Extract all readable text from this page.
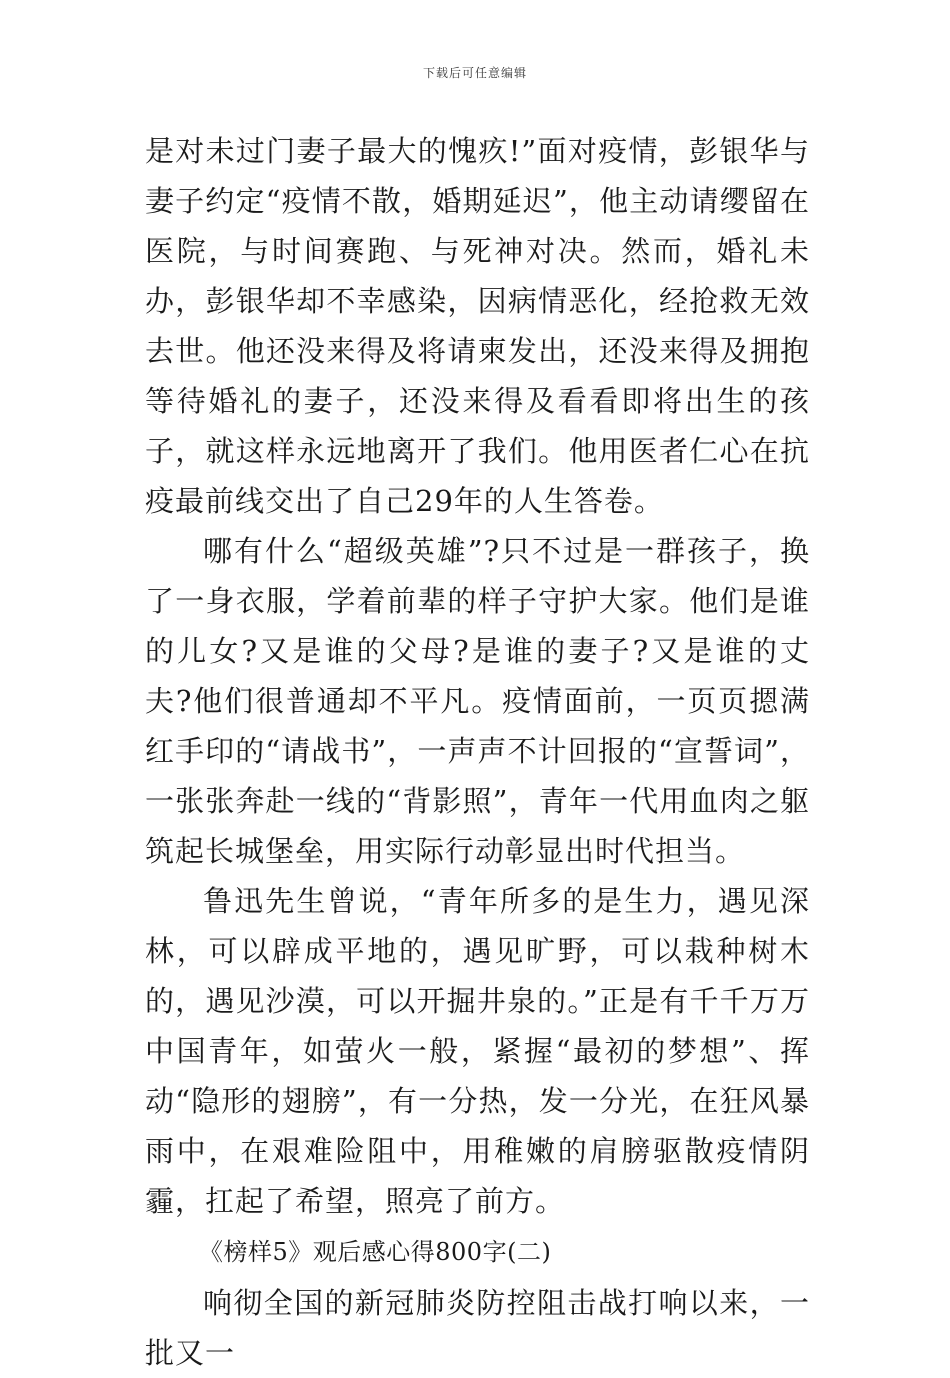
下载后可任意编辑

是对未过门妻子最大的愧疚!”面对疫情，彭银华与妻子约定“疫情不散，婚期延迟”，他主动请缨留在医院，与时间赛跑、与死神对决。然而，婚礼未办，彭银华却不幸感染，因病情恶化，经抢救无效去世。他还没来得及将请柬发出，还没来得及拥抱等待婚礼的妻子，还没来得及看看即将出生的孩子，就这样永远地离开了我们。他用医者仁心在抗疫最前线交出了自己29年的人生答卷。

哪有什么“超级英雄”?只不过是一群孩子，换了一身衣服，学着前辈的样子守护大家。他们是谁的儿女?又是谁的父母?是谁的妻子?又是谁的丈夫?他们很普通却不平凡。疫情面前，一页页摁满红手印的“请战书”，一声声不计回报的“宣誓词”，一张张奔赴一线的“背影照”，青年一代用血肉之躯筑起长城堡垒，用实际行动彰显出时代担当。

鲁迅先生曾说，“青年所多的是生力，遇见深林，可以辟成平地的，遇见旷野，可以栽种树木的，遇见沙漠，可以开掘井泉的。”正是有千千万万中国青年，如萤火一般，紧握“最初的梦想”、挥动“隐形的翅膀”，有一分热，发一分光，在狂风暴雨中，在艰难险阻中，用稚嫩的肩膀驱散疫情阴霾，扛起了希望，照亮了前方。

《榜样5》观后感心得800字(二)

响彻全国的新冠肺炎防控阻击战打响以来，一批又一
